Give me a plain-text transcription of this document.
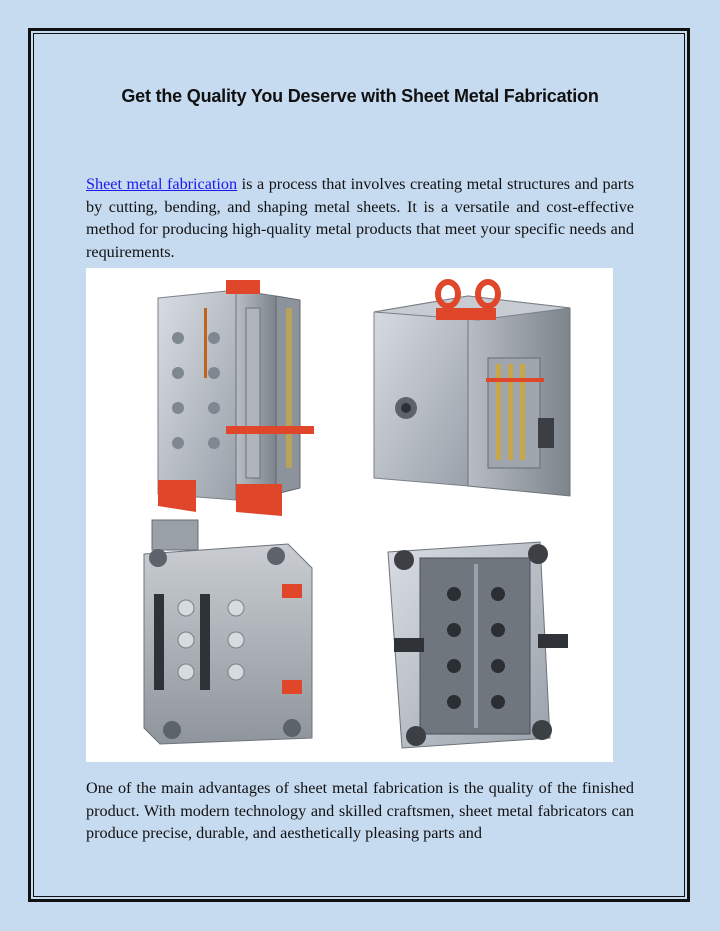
Get the Quality You Deserve with Sheet Metal Fabrication

Sheet metal fabrication is a process that involves creating metal structures and parts by cutting, bending, and shaping metal sheets. It is a versatile and cost-effective method for producing high-quality metal products that meet your specific needs and requirements.

One of the main advantages of sheet metal fabrication is the quality of the finished product. With modern technology and skilled craftsmen, sheet metal fabricators can produce precise, durable, and aesthetically pleasing parts and
